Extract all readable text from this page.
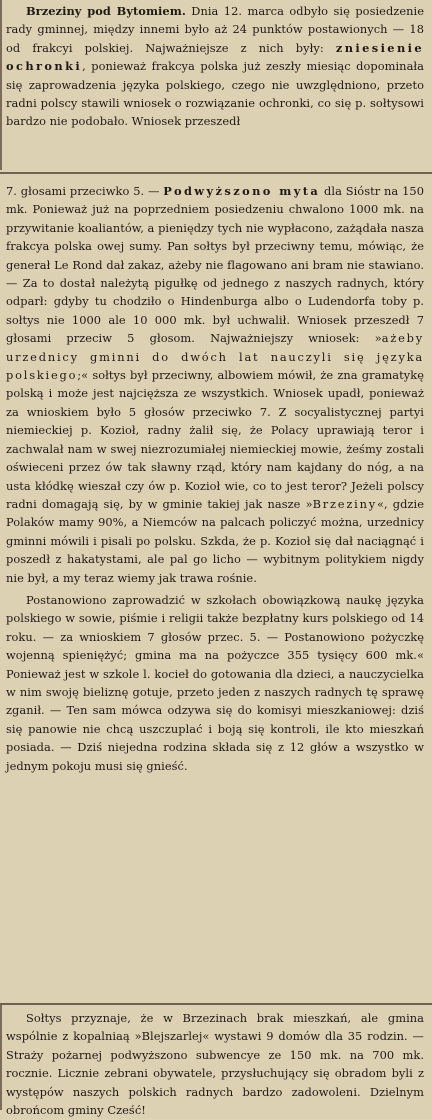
Brzeziny pod Bytomiem. Dnia 12. marca odbyło się posiedzenie rady gminnej, między innemi było aż 24 punktów postawionych — 18 od frakcyi polskiej. Najważniejsze z nich były: zniesienie ochronki, ponieważ frakcya polska już zeszły miesiąc dopominała się zaprowadzenia języka polskiego, czego nie uwzględniono, przeto radni polscy stawili wniosek o rozwiązanie ochronki, co się p. sołtysowi bardzo nie podobało. Wniosek przeszedł

7. głosami przeciwko 5. — Podwyższono myta dla Sióstr na 150 mk. Ponieważ już na poprzedniem posiedzeniu chwalono 1000 mk. na przywitanie koaliantów, a pieniędzy tych nie wypłacono, zażądała nasza frakcya polska owej sumy. Pan sołtys był przeciwny temu, mówiąc, że generał Le Rond dał zakaz, ażeby nie flagowano ani bram nie stawiano. — Za to dostał należytą pigułkę od jednego z naszych radnych, który odparł: gdyby tu chodziło o Hindenburga albo o Ludendorfa toby p. sołtys nie 1000 ale 10 000 mk. był uchwalił. Wniosek przeszedł 7 głosami przeciw 5 głosom. Najważniejszy wniosek: »ażeby urzednicy gminni do dwóch lat nauczyli się języka polskiego;« sołtys był przeciwny, albowiem mówił, że zna gramatykę polską i może jest najcięższa ze wszystkich. Wniosek upadł, ponieważ za wnioskiem było 5 głosów przeciwko 7. Z socyalistycznej partyi niemieckiej p. Kozioł, radny żalił się, że Polacy uprawiają teror i zachwalał nam w swej niezrozumiałej niemieckiej mowie, żeśmy zostali oświeceni przez ów tak sławny rząd, który nam kajdany do nóg, a na usta kłódkę wieszał czy ów p. Kozioł wie, co to jest teror? Jeżeli polscy radni domagają się, by w gminie takiej jak nasze »Brzeziny«, gdzie Polaków mamy 90%, a Niemców na palcach policzyć można, urzednicy gminni mówili i pisali po polsku. Szkda, że p. Kozioł się dał naciągnąć i poszedł z hakatystami, ale pal go licho — wybitnym politykiem nigdy nie był, a my teraz wiemy jak trawa rośnie.

Postanowiono zaprowadzić w szkołach obowiązkową naukę języka polskiego w sowie, piśmie i religii także bezpłatny kurs polskiego od 14 roku. — za wnioskiem 7 głosów przec. 5. — Postanowiono pożyczkę wojenną spieniężyć; gmina ma na pożyczce 355 tysięcy 600 mk.« Ponieważ jest w szkole l. kocieł do gotowania dla dzieci, a nauczycielka w nim swoję bieliznę gotuje, przeto jeden z naszych radnych tę sprawę zganił. — Ten sam mówca odzywa się do komisyi mieszkaniowej: dziś się panowie nie chcą uszczuplać i boją się kontroli, ile kto mieszkań posiada. — Dziś niejedna rodzina składa się z 12 głów a wszystko w jednym pokoju musi się gnieść.

Sołtys przyznaje, że w Brzezinach brak mieszkań, ale gmina wspólnie z kopalniaą »Blejszarlej« wystawi 9 domów dla 35 rodzin. — Straży pożarnej podwyższono subwencye ze 150 mk. na 700 mk. rocznie. Licznie zebrani obywatele, przysłuchujący się obradom byli z występów naszych polskich radnych bardzo zadowoleni. Dzielnym obrońcom gminy Cześć!
